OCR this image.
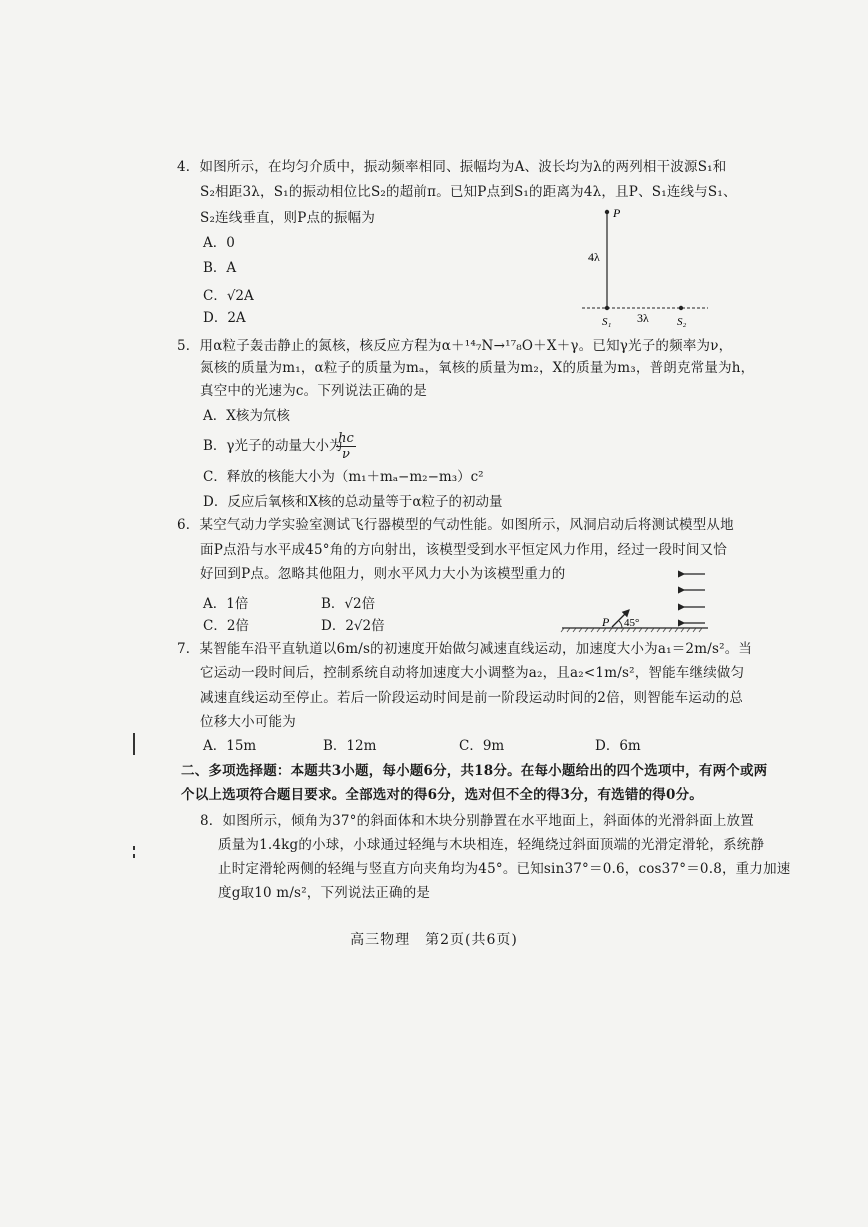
4．如图所示，在均匀介质中，振动频率相同、振幅均为A、波长均为λ的两列相干波源S₁和
S₂相距3λ，S₁的振动相位比S₂的超前π。已知P点到S₁的距离为4λ，且P、S₁连线与S₁、
S₂连线垂直，则P点的振幅为
A．0
B．A
C．√2A
D．2A
P
4λ
S₁ 3λ	S₂
5．用α粒子轰击静止的氮核，核反应方程为α＋¹⁴₇N→¹⁷₈O＋X＋γ。已知γ光子的频率为ν，
氮核的质量为m₁，α粒子的质量为mₐ，氧核的质量为m₂，X的质量为m₃，普朗克常量为h，
真空中的光速为c。下列说法正确的是
A．X核为氘核
B．γ光子的动量大小为
$\frac{hc}{\nu}$
C．释放的核能大小为（m₁＋mₐ−m₂−m₃）c²
D．反应后氧核和X核的总动量等于α粒子的初动量
6．某空气动力学实验室测试飞行器模型的气动性能。如图所示，风洞启动后将测试模型从地
面P点沿与水平成45°角的方向射出，该模型受到水平恒定风力作用，经过一段时间又恰
好回到P点。忽略其他阻力，则水平风力大小为该模型重力的
A．1倍	B．√2倍
C．2倍	D．2√2倍	P 45°
7．某智能车沿平直轨道以6m/s的初速度开始做匀减速直线运动，加速度大小为a₁＝2m/s²。当
它运动一段时间后，控制系统自动将加速度大小调整为a₂，且a₂<1m/s²，智能车继续做匀
减速直线运动至停止。若后一阶段运动时间是前一阶段运动时间的2倍，则智能车运动的总
位移大小可能为
A．15m	B．12m	C．9m	D．6m
二、多项选择题：本题共3小题，每小题6分，共18分。在每小题给出的四个选项中，有两个或两
个以上选项符合题目要求。全部选对的得6分，选对但不全的得3分，有选错的得0分。
8．如图所示，倾角为37°的斜面体和木块分别静置在水平地面上，斜面体的光滑斜面上放置
质量为1.4kg的小球，小球通过轻绳与木块相连，轻绳绕过斜面顶端的光滑定滑轮，系统静
止时定滑轮两侧的轻绳与竖直方向夹角均为45°。已知sin37°＝0.6，cos37°＝0.8，重力加速
度g取10 m/s²，下列说法正确的是
高三物理　第2页(共6页)
